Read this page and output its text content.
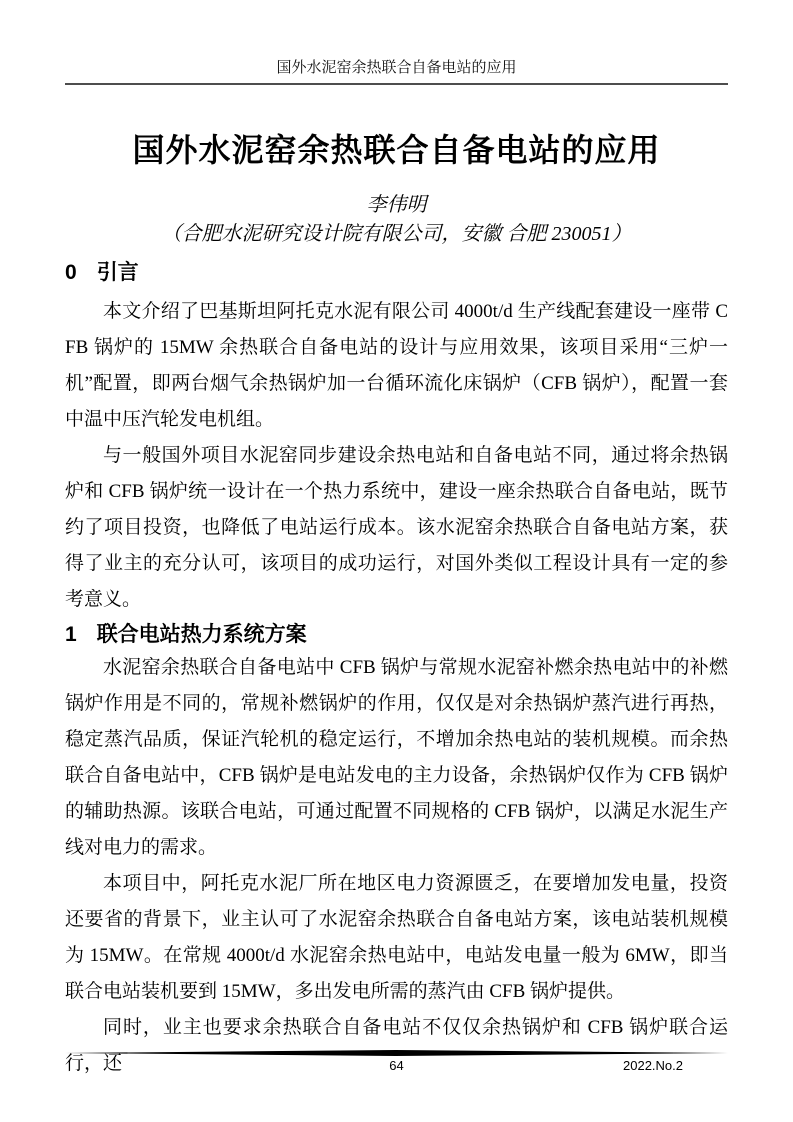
国外水泥窑余热联合自备电站的应用
国外水泥窑余热联合自备电站的应用
李伟明
（合肥水泥研究设计院有限公司，安徽 合肥 230051）
0 引言

本文介绍了巴基斯坦阿托克水泥有限公司 4000t/d 生产线配套建设一座带 CFB 锅炉的 15MW 余热联合自备电站的设计与应用效果，该项目采用“三炉一机”配置，即两台烟气余热锅炉加一台循环流化床锅炉（CFB 锅炉），配置一套中温中压汽轮发电机组。

与一般国外项目水泥窑同步建设余热电站和自备电站不同，通过将余热锅炉和 CFB 锅炉统一设计在一个热力系统中，建设一座余热联合自备电站，既节约了项目投资，也降低了电站运行成本。该水泥窑余热联合自备电站方案，获得了业主的充分认可，该项目的成功运行，对国外类似工程设计具有一定的参考意义。

1 联合电站热力系统方案

水泥窑余热联合自备电站中 CFB 锅炉与常规水泥窑补燃余热电站中的补燃锅炉作用是不同的，常规补燃锅炉的作用，仅仅是对余热锅炉蒸汽进行再热，稳定蒸汽品质，保证汽轮机的稳定运行，不增加余热电站的装机规模。而余热联合自备电站中，CFB 锅炉是电站发电的主力设备，余热锅炉仅作为 CFB 锅炉的辅助热源。该联合电站，可通过配置不同规格的 CFB 锅炉，以满足水泥生产线对电力的需求。

本项目中，阿托克水泥厂所在地区电力资源匮乏，在要增加发电量，投资还要省的背景下，业主认可了水泥窑余热联合自备电站方案，该电站装机规模为 15MW。在常规 4000t/d 水泥窑余热电站中，电站发电量一般为 6MW，即当联合电站装机要到 15MW，多出发电所需的蒸汽由 CFB 锅炉提供。

同时，业主也要求余热联合自备电站不仅仅余热锅炉和 CFB 锅炉联合运行，还	64	2022.No.2
